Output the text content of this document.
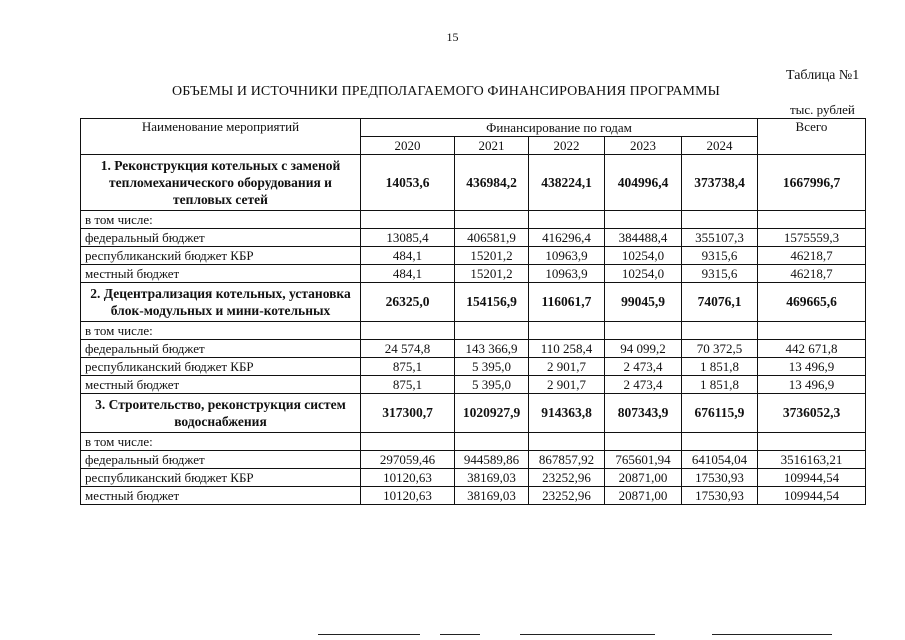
15
Таблица №1
ОБЪЕМЫ И ИСТОЧНИКИ ПРЕДПОЛАГАЕМОГО ФИНАНСИРОВАНИЯ ПРОГРАММЫ
тыс. рублей
Наименование мероприятий	Финансирование по годам					Всего
	2020	2021	2022	2023	2024	
1. Реконструкция котельных с заменой тепломеханического оборудования и тепловых сетей	14053,6	436984,2	438224,1	404996,4	373738,4	1667996,7
в том числе:						
федеральный бюджет	13085,4	406581,9	416296,4	384488,4	355107,3	1575559,3
республиканский бюджет КБР	484,1	15201,2	10963,9	10254,0	9315,6	46218,7
местный бюджет	484,1	15201,2	10963,9	10254,0	9315,6	46218,7
2. Децентрализация котельных, установка блок-модульных и мини-котельных	26325,0	154156,9	116061,7	99045,9	74076,1	469665,6
в том числе:						
федеральный бюджет	24 574,8	143 366,9	110 258,4	94 099,2	70 372,5	442 671,8
республиканский бюджет КБР	875,1	5 395,0	2 901,7	2 473,4	1 851,8	13 496,9
местный бюджет	875,1	5 395,0	2 901,7	2 473,4	1 851,8	13 496,9
3. Строительство, реконструкция систем водоснабжения	317300,7	1020927,9	914363,8	807343,9	676115,9	3736052,3
в том числе:						
федеральный бюджет	297059,46	944589,86	867857,92	765601,94	641054,04	3516163,21
республиканский бюджет КБР	10120,63	38169,03	23252,96	20871,00	17530,93	109944,54
местный бюджет	10120,63	38169,03	23252,96	20871,00	17530,93	109944,54
